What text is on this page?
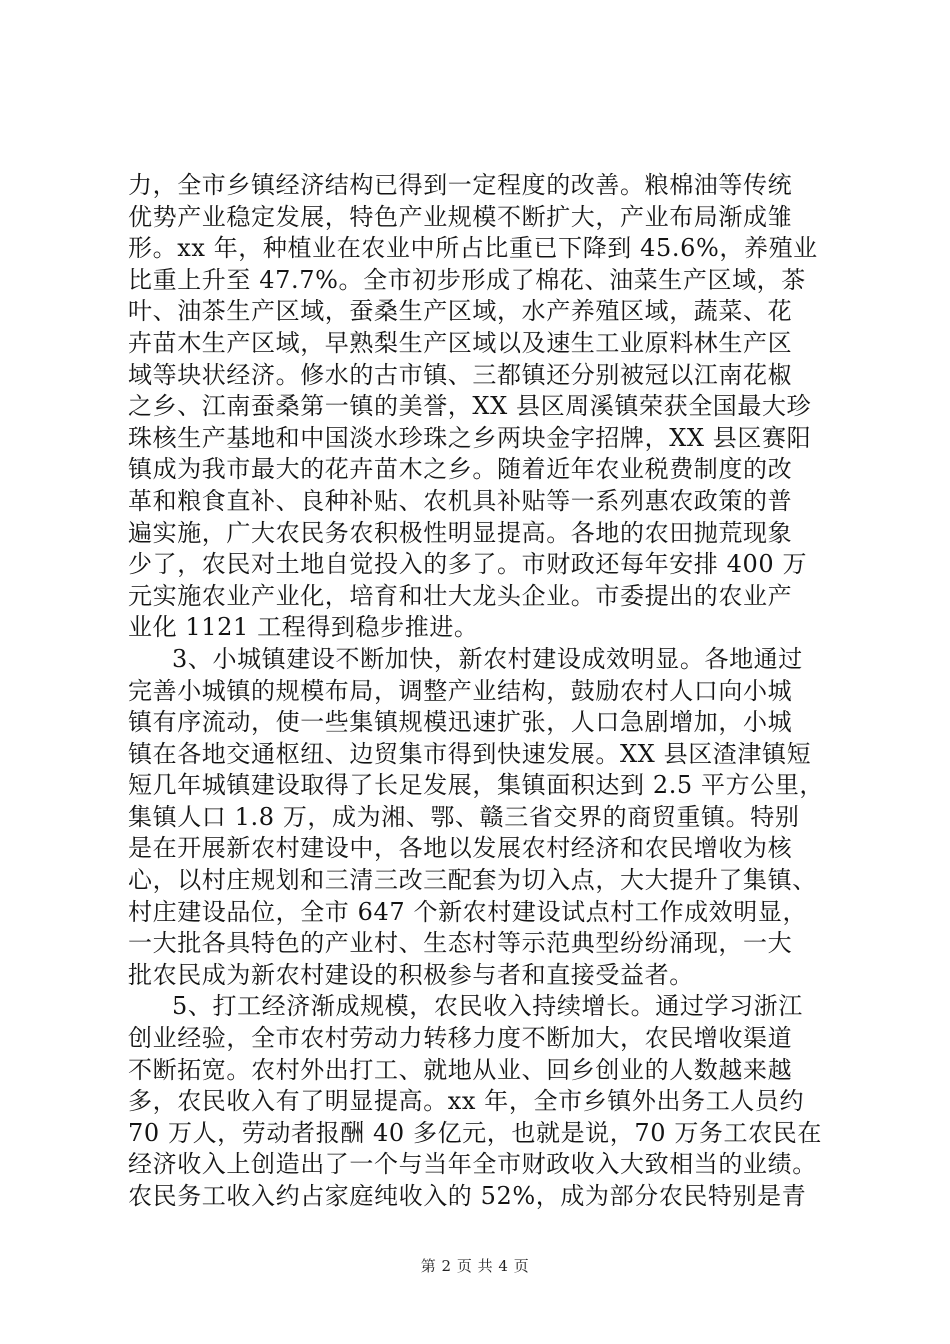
力，全市乡镇经济结构已得到一定程度的改善。粮棉油等传统
优势产业稳定发展，特色产业规模不断扩大，产业布局渐成雏
形。xx 年，种植业在农业中所占比重已下降到 45.6%，养殖业
比重上升至 47.7%。全市初步形成了棉花、油菜生产区域，茶
叶、油茶生产区域，蚕桑生产区域，水产养殖区域，蔬菜、花
卉苗木生产区域，早熟梨生产区域以及速生工业原料林生产区
域等块状经济。修水的古市镇、三都镇还分别被冠以江南花椒
之乡、江南蚕桑第一镇的美誉，XX 县区周溪镇荣获全国最大珍
珠核生产基地和中国淡水珍珠之乡两块金字招牌，XX 县区赛阳
镇成为我市最大的花卉苗木之乡。随着近年农业税费制度的改
革和粮食直补、良种补贴、农机具补贴等一系列惠农政策的普
遍实施，广大农民务农积极性明显提高。各地的农田抛荒现象
少了，农民对土地自觉投入的多了。市财政还每年安排 400 万
元实施农业产业化，培育和壮大龙头企业。市委提出的农业产
业化 1121 工程得到稳步推进。
3、小城镇建设不断加快，新农村建设成效明显。各地通过
完善小城镇的规模布局，调整产业结构，鼓励农村人口向小城
镇有序流动，使一些集镇规模迅速扩张，人口急剧增加，小城
镇在各地交通枢纽、边贸集市得到快速发展。XX 县区渣津镇短
短几年城镇建设取得了长足发展，集镇面积达到 2.5 平方公里，
集镇人口 1.8 万，成为湘、鄂、赣三省交界的商贸重镇。特别
是在开展新农村建设中，各地以发展农村经济和农民增收为核
心，以村庄规划和三清三改三配套为切入点，大大提升了集镇、
村庄建设品位，全市 647 个新农村建设试点村工作成效明显，
一大批各具特色的产业村、生态村等示范典型纷纷涌现，一大
批农民成为新农村建设的积极参与者和直接受益者。
5、打工经济渐成规模，农民收入持续增长。通过学习浙江
创业经验，全市农村劳动力转移力度不断加大，农民增收渠道
不断拓宽。农村外出打工、就地从业、回乡创业的人数越来越
多，农民收入有了明显提高。xx 年，全市乡镇外出务工人员约
70 万人，劳动者报酬 40 多亿元，也就是说，70 万务工农民在
经济收入上创造出了一个与当年全市财政收入大致相当的业绩。
农民务工收入约占家庭纯收入的 52%，成为部分农民特别是青
第 2 页 共 4 页
